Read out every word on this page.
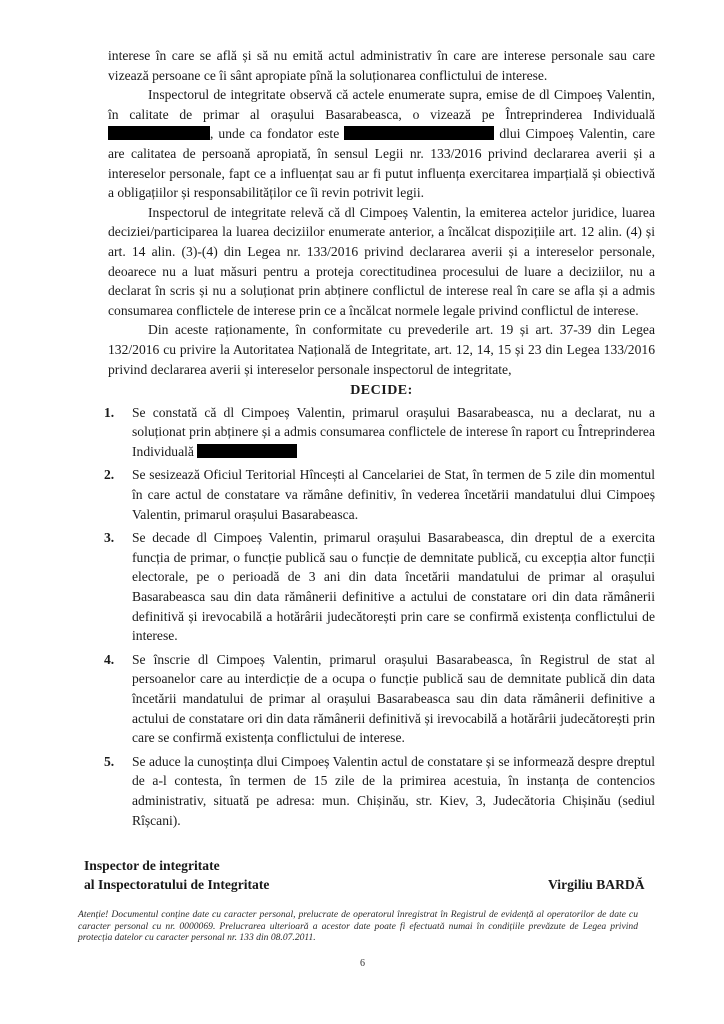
interese în care se află și să nu emită actul administrativ în care are interese personale sau care vizează persoane ce îi sânt apropiate pînă la soluționarea conflictului de interese.

Inspectorul de integritate observă că actele enumerate supra, emise de dl Cimpoeș Valentin, în calitate de primar al orașului Basarabeasca, o vizează pe Întreprinderea Individuală , unde ca fondator este	dlui Cimpoeș Valentin, care are calitatea de persoană apropiată, în sensul Legii nr. 133/2016 privind declararea averii și a intereselor personale, fapt ce a influențat sau ar fi putut influența exercitarea imparțială și obiectivă a obligațiilor și responsabilităților ce îi revin potrivit legii.

Inspectorul de integritate relevă că dl Cimpoeș Valentin, la emiterea actelor juridice, luarea deciziei/participarea la luarea deciziilor enumerate anterior, a încălcat dispozițiile art. 12 alin. (4) și art. 14 alin. (3)-(4) din Legea nr. 133/2016 privind declararea averii și a intereselor personale, deoarece nu a luat măsuri pentru a proteja corectitudinea procesului de luare a deciziilor, nu a declarat în scris și nu a soluționat prin abținere conflictul de interese real în care se afla și a admis consumarea conflictele de interese prin ce a încălcat normele legale privind conflictul de interese.

Din aceste raționamente, în conformitate cu prevederile art. 19 și art. 37-39 din Legea 132/2016 cu privire la Autoritatea Națională de Integritate, art. 12, 14, 15 și 23 din Legea 133/2016 privind declararea averii și intereselor personale inspectorul de integritate,

DECIDE:
1. Se constată că dl Cimpoeș Valentin, primarul orașului Basarabeasca, nu a declarat, nu a soluționat prin abținere și a admis consumarea conflictele de interese în raport cu Întreprinderea Individuală
2. Se sesizează Oficiul Teritorial Hîncești al Cancelariei de Stat, în termen de 5 zile din momentul în care actul de constatare va rămâne definitiv, în vederea încetării mandatului dlui Cimpoeș Valentin, primarul orașului Basarabeasca.
3. Se decade dl Cimpoeș Valentin, primarul orașului Basarabeasca, din dreptul de a exercita funcția de primar, o funcție publică sau o funcție de demnitate publică, cu excepția altor funcții electorale, pe o perioadă de 3 ani din data încetării mandatului de primar al orașului Basarabeasca sau din data rămânerii definitive a actului de constatare ori din data rămânerii definitivă și irevocabilă a hotărârii judecătorești prin care se confirmă existența conflictului de interese.
4. Se înscrie dl Cimpoeș Valentin, primarul orașului Basarabeasca, în Registrul de stat al persoanelor care au interdicție de a ocupa o funcție publică sau de demnitate publică din data încetării mandatului de primar al orașului Basarabeasca sau din data rămânerii definitive a actului de constatare ori din data rămânerii definitivă și irevocabilă a hotărârii judecătorești prin care se confirmă existența conflictului de interese.
5. Se aduce la cunoștința dlui Cimpoeș Valentin actul de constatare și se informează despre dreptul de a-l contesta, în termen de 15 zile de la primirea acestuia, în instanța de contencios administrativ, situată pe adresa: mun. Chișinău, str. Kiev, 3, Judecătoria Chișinău (sediul Rîșcani).
Inspector de integritate
al Inspectoratului de Integritate	Virgiliu BARDĂ
Atenție! Documentul conține date cu caracter personal, prelucrate de operatorul înregistrat în Registrul de evidență al operatorilor de date cu caracter personal cu nr. 0000069. Prelucrarea ulterioară a acestor date poate fi efectuată numai în condițiile prevăzute de Legea privind protecția datelor cu caracter personal nr. 133 din 08.07.2011.
6
